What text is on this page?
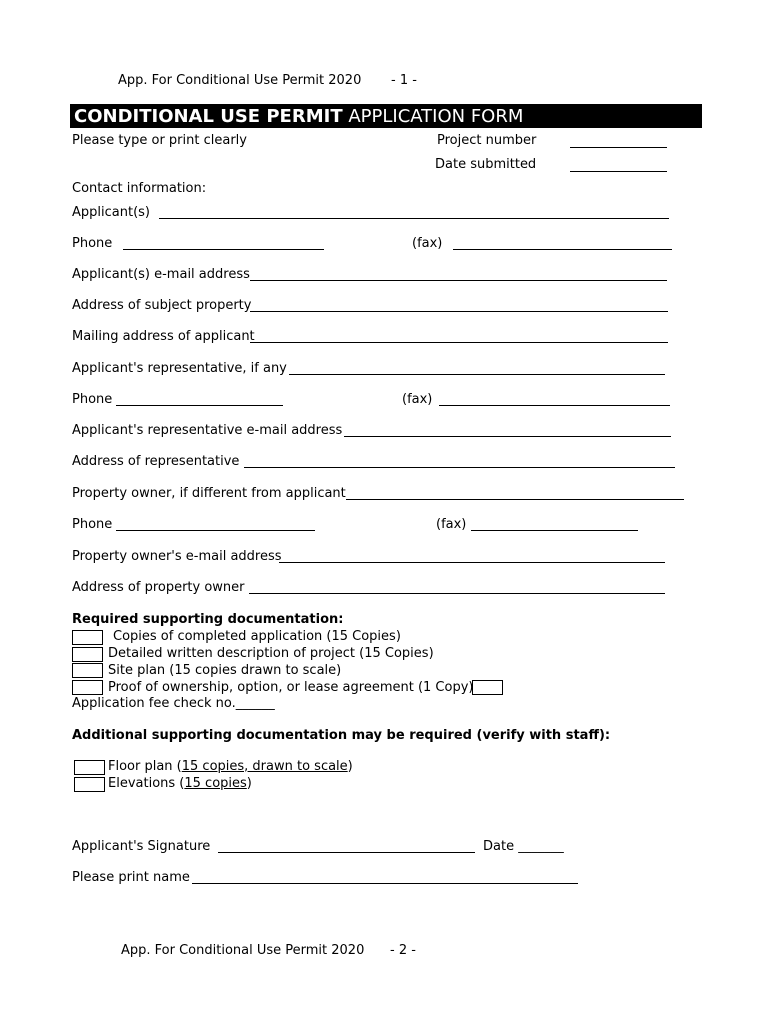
App. For Conditional Use Permit 2020 - 1 -
CONDITIONAL USE PERMIT APPLICATION FORM
Please type or print clearly	Project number
Date submitted
Contact information:
Applicant(s)
Phone	(fax)
Applicant(s) e-mail address
Address of subject property
Mailing address of applicant
Applicant's representative, if any
Phone	(fax)
Applicant's representative e-mail address
Address of representative
Property owner, if different from applicant
Phone	(fax)
Property owner's e-mail address
Address of property owner
Required supporting documentation:
Copies of completed application (15 Copies)
Detailed written description of project (15 Copies)
Site plan (15 copies drawn to scale)
Proof of ownership, option, or lease agreement (1 Copy)
Application fee check no.______
Additional supporting documentation may be required (verify with staff):
Floor plan (15 copies, drawn to scale)
Elevations (15 copies)
Applicant's Signature	Date _______
Please print name
App. For Conditional Use Permit 2020 - 2 -
